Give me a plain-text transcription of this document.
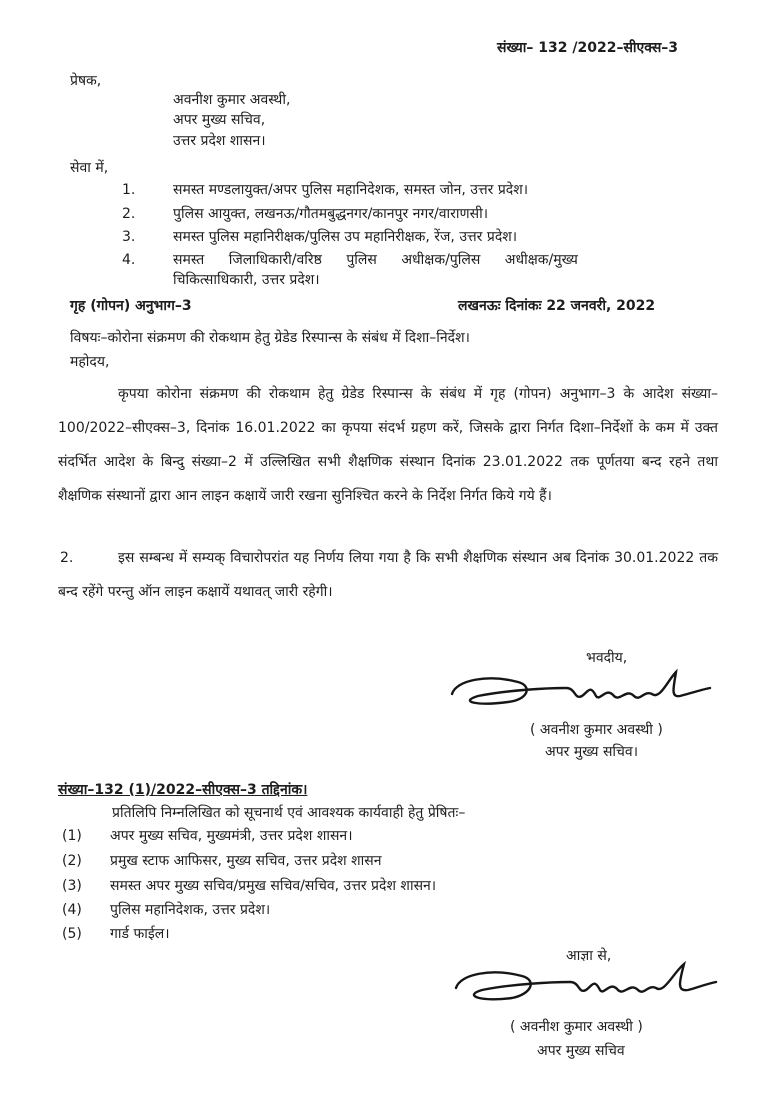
संख्या– 132 /2022–सीएक्स–3
प्रेषक,
अवनीश कुमार अवस्थी,
अपर मुख्य सचिव,
उत्तर प्रदेश शासन।
सेवा में,
1.	समस्त मण्डलायुक्त/अपर पुलिस महानिदेशक, समस्त जोन, उत्तर प्रदेश।
2.	पुलिस आयुक्त, लखनऊ/गौतमबुद्धनगर/कानपुर नगर/वाराणसी।
3.	समस्त पुलिस महानिरीक्षक/पुलिस उप महानिरीक्षक, रेंज, उत्तर प्रदेश।
4.	समस्त जिलाधिकारी/वरिष्ठ पुलिस अधीक्षक/पुलिस अधीक्षक/मुख्य
चिकित्साधिकारी, उत्तर प्रदेश।
गृह (गोपन) अनुभाग–3	लखनऊः दिनांकः 22 जनवरी, 2022
विषयः–कोरोना संक्रमण की रोकथाम हेतु ग्रेडेड रिस्पान्स के संबंध में दिशा–निर्देश।
महोदय,
कृपया कोरोना संक्रमण की रोकथाम हेतु ग्रेडेड रिस्पान्स के संबंध में गृह (गोपन) अनुभाग–3 के आदेश संख्या–100/2022–सीएक्स–3, दिनांक 16.01.2022 का कृपया संदर्भ ग्रहण करें, जिसके द्वारा निर्गत दिशा–निर्देशों के कम में उक्त संदर्भित आदेश के बिन्दु संख्या–2 में उल्लिखित सभी शैक्षणिक संस्थान दिनांक 23.01.2022 तक पूर्णतया बन्द रहने तथा शैक्षणिक संस्थानों द्वारा आन लाइन कक्षायें जारी रखना सुनिश्चित करने के निर्देश निर्गत किये गये हैं।
2.	इस सम्बन्ध में सम्यक् विचारोपरांत यह निर्णय लिया गया है कि सभी शैक्षणिक संस्थान अब दिनांक 30.01.2022 तक बन्द रहेंगे परन्तु ऑन लाइन कक्षायें यथावत् जारी रहेगी।
भवदीय,
( अवनीश कुमार अवस्थी )
अपर मुख्य सचिव।
संख्या–132 (1)/2022–सीएक्स–3 तद्दिनांक।
प्रतिलिपि निम्नलिखित को सूचनार्थ एवं आवश्यक कार्यवाही हेतु प्रेषितः–
(1) अपर मुख्य सचिव, मुख्यमंत्री, उत्तर प्रदेश शासन।
(2) प्रमुख स्टाफ आफिसर, मुख्य सचिव, उत्तर प्रदेश शासन
(3) समस्त अपर मुख्य सचिव/प्रमुख सचिव/सचिव, उत्तर प्रदेश शासन।
(4) पुलिस महानिदेशक, उत्तर प्रदेश।
(5) गार्ड फाईल।
आज्ञा से,
( अवनीश कुमार अवस्थी )
अपर मुख्य सचिव
